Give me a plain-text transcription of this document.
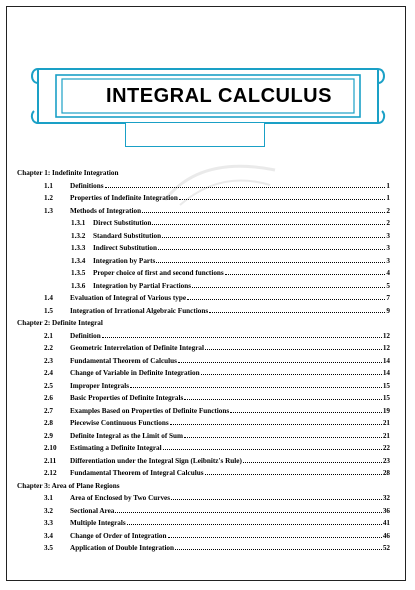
INTEGRAL CALCULUS
Chapter 1: Indefinite Integration
1.1 Definitions	1
1.2 Properties of Indefinite Integration	1
1.3 Methods of Integration	2
1.3.1 Direct Substitution	2
1.3.2 Standard Substitution	3
1.3.3 Indirect Substitution	3
1.3.4 Integration by Parts	3
1.3.5 Proper choice of first and second functions	4
1.3.6 Integration by Partial Fractions	5
1.4 Evaluation of Integral of Various type	7
1.5 Integration of Irrational Algebraic Functions	9
Chapter 2: Definite Integral
2.1 Definition	12
2.2 Geometric Interrelation of Definite Integral	12
2.3 Fundamental Theorem of Calculus	14
2.4 Change of Variable in Definite Integration	14
2.5 Improper Integrals	15
2.6 Basic Properties of Definite Integrals	15
2.7 Examples Based on Properties of Definite Functions	19
2.8 Piecewise Continuous Functions	21
2.9 Definite Integral as the Limit of Sum	21
2.10 Estimating a Definite Integral	22
2.11 Differentiation under the Integral Sign (Leibnitz's Rule)	23
2.12 Fundamental Theorem of Integral Calculus	28
Chapter 3: Area of Plane Regions
3.1 Area of Enclosed by Two Curves	32
3.2 Sectional Area	36
3.3 Multiple Integrals	41
3.4 Change of Order of Integration	46
3.5 Application of Double Integration	52
